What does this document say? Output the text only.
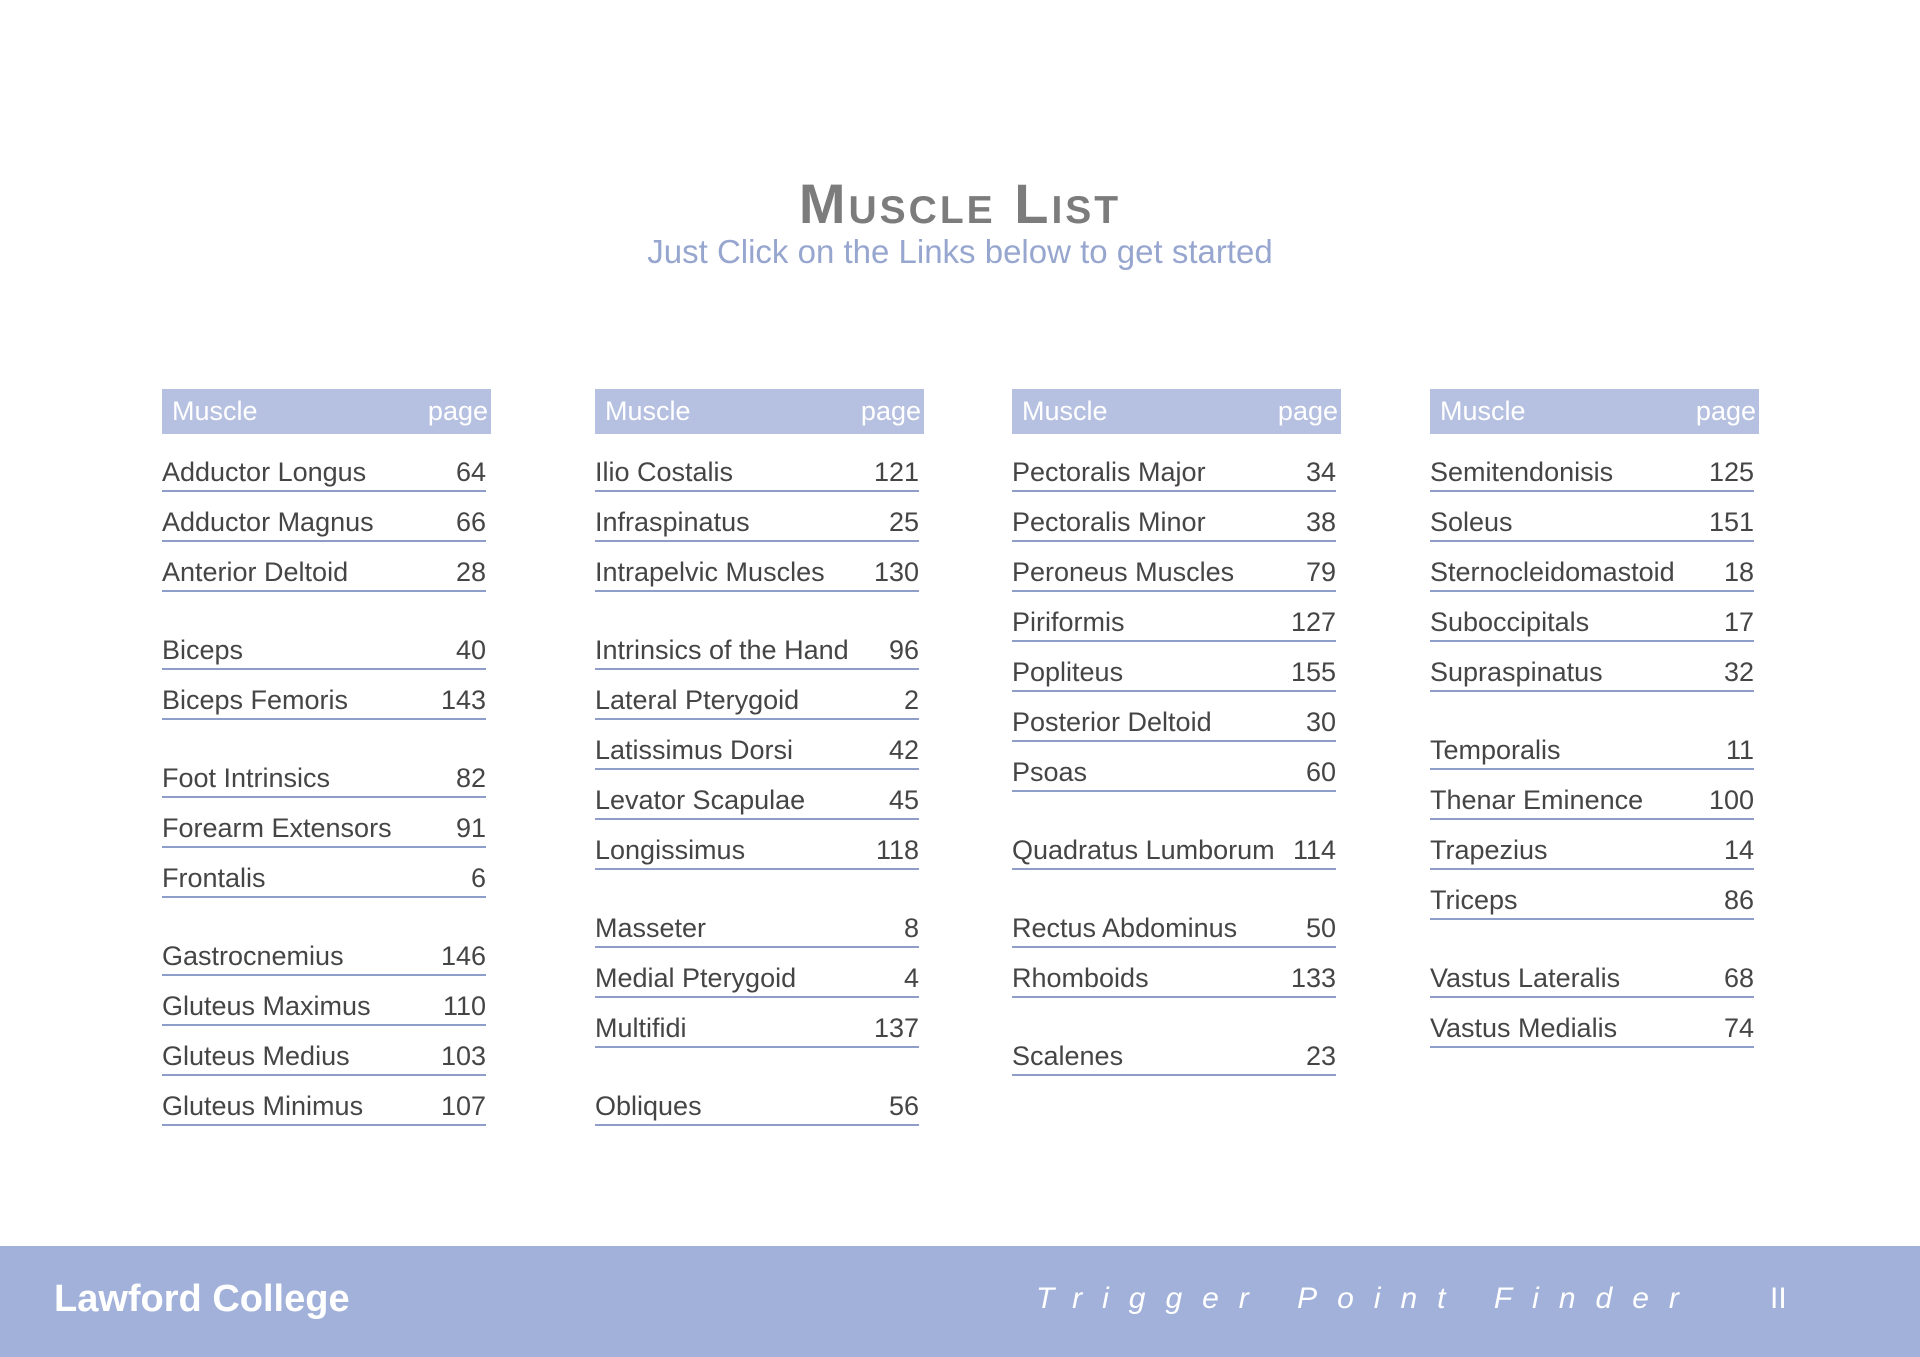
Muscle List
Just Click on the Links below to get started
Muscle	page
Adductor Longus	64
Adductor Magnus	66
Anterior Deltoid	28
Biceps	40
Biceps Femoris	143
Foot Intrinsics	82
Forearm Extensors 91
Frontalis	6
Gastrocnemius	146
Gluteus Maximus	110
Gluteus Medius	103
Gluteus Minimus	107
Muscle	page
Ilio Costalis	121
Infraspinatus	25
Intrapelvic Muscles 130
Intrinsics of the Hand 96
Lateral Pterygoid	2
Latissimus Dorsi	42
Levator Scapulae	45
Longissimus	118
Masseter	8
Medial Pterygoid	4
Multifidi	137
Obliques	56
Muscle	page
Pectoralis Major	34
Pectoralis Minor	38
Peroneus Muscles	79
Piriformis	127
Popliteus	155
Posterior Deltoid	30
Psoas	60
Quadratus Lumborum 114
Rectus Abdominus	50
Rhomboids	133
Scalenes	23
Muscle	page
Semitendonisis	125
Soleus	151
Sternocleidomastoid 18
Suboccipitals	17
Supraspinatus	32
Temporalis	11
Thenar Eminence 100
Trapezius	14
Triceps	86
Vastus Lateralis	68
Vastus Medialis	74
Lawford College	Trigger Point Finder II
